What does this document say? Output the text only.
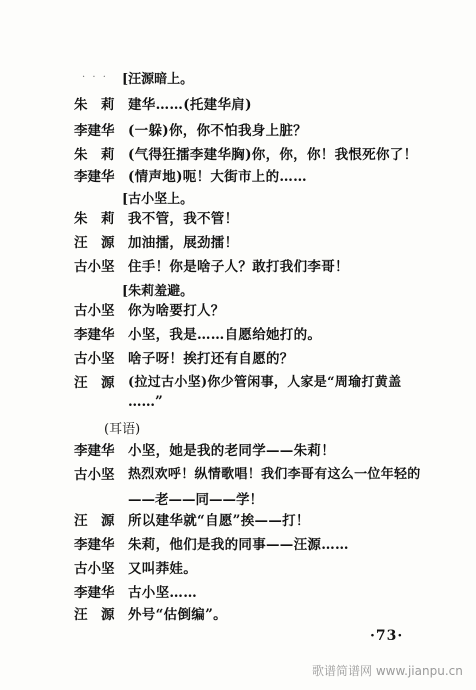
· · · [汪源暗上。
朱　莉	建华……(托建华肩)
李建华	(一躲)你，你不怕我身上脏？
朱　莉	(气得狂擂李建华胸)你，你，你！我恨死你了！
李建华	(情声地)呃！大街市上的……
[古小坚上。
朱　莉	我不管，我不管！
汪　源	加油擂，展劲擂！
古小坚	住手！你是啥子人？敢打我们李哥！
[朱莉羞避。
古小坚	你为啥要打人？
李建华	小坚，我是……自愿给她打的。
古小坚	啥子呀！挨打还有自愿的？
汪　源	(拉过古小坚)你少管闲事，人家是“周瑜打黄盖
……”
(耳语)
李建华	小坚，她是我的老同学——朱莉！
古小坚	热烈欢呼！纵情歌唱！我们李哥有这么一位年轻的
——老——同——学！
汪　源	所以建华就“自愿”挨——打！
李建华	朱莉，他们是我的同事——汪源……
古小坚	又叫莽娃。
李建华	古小坚……
汪　源	外号“估倒编”。
·73·
歌谱简谱网 www.jianpu.cn
